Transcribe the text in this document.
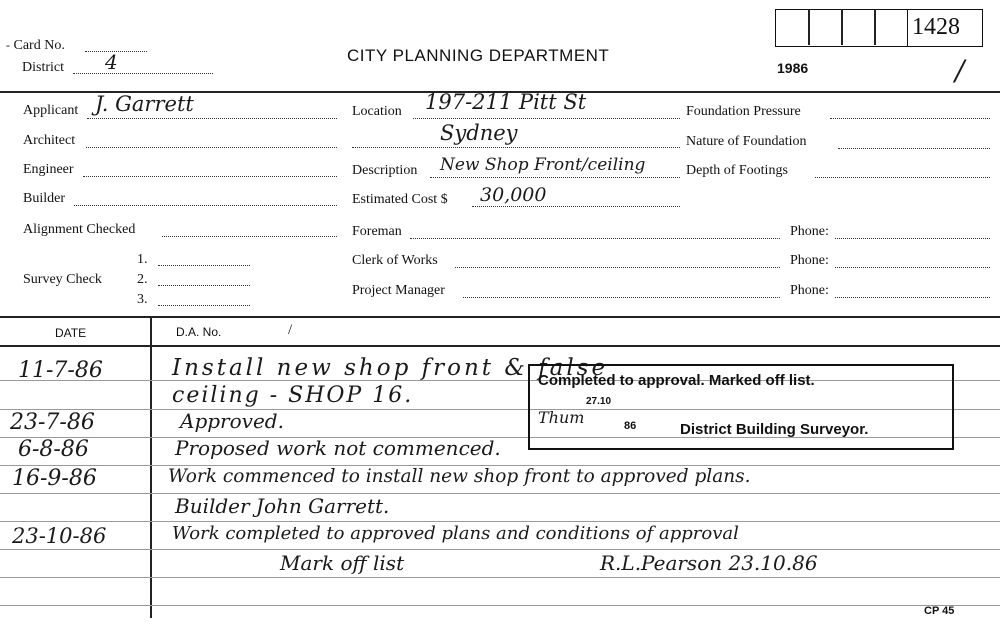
- Card No.
District 4	CITY PLANNING DEPARTMENT
1986
1428
/
Applicant J. Garrett
Architect
Engineer
Builder
Alignment Checked
Survey Check
1.
2.
3.
Location 197-211 Pitt St
Sydney
Description New Shop Front/ceiling
Estimated Cost $ 30,000
Foreman
Clerk of Works
Project Manager
Foundation Pressure
Nature of Foundation
Depth of Footings
Phone:
Phone:
Phone:
DATE	D.A. No.	/
11-7-86	Install new shop front & false
ceiling - SHOP 16.
23-7-86	Approved.
6-8-86	Proposed work not commenced.
16-9-86	Work commenced to install new shop front to approved plans.
Builder John Garrett.
23-10-86	Work completed to approved plans and conditions of approval
Mark off list	R.L.Pearson 23.10.86
Completed to approval. Marked off list.
Thum
27.10
86	District Building Surveyor.
CP 45
